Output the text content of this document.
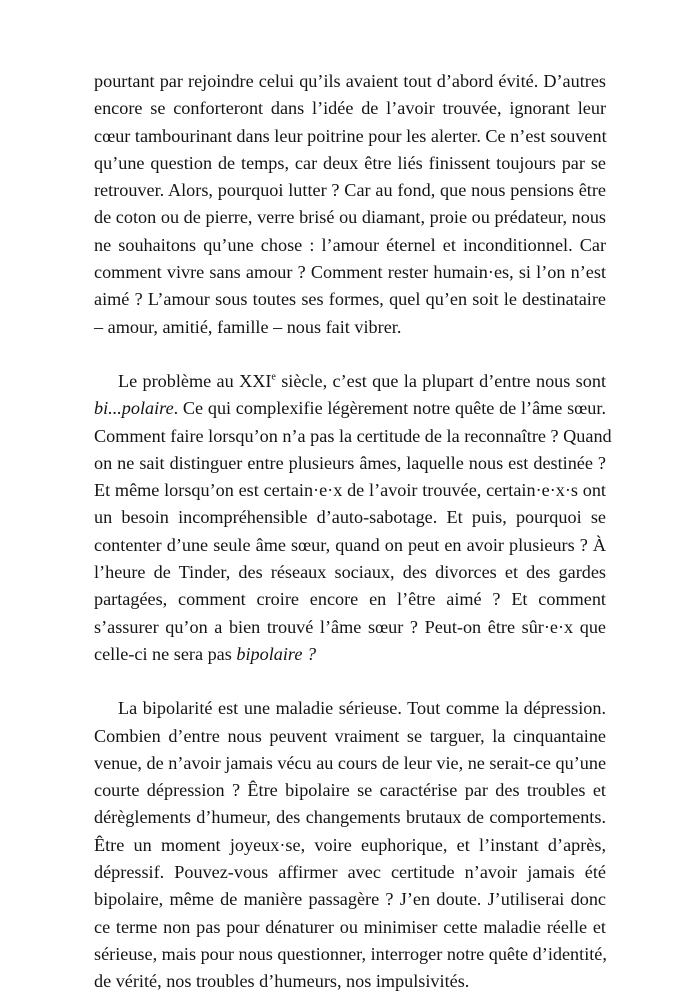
pourtant par rejoindre celui qu’ils avaient tout d’abord évité. D’autres
encore se conforteront dans l’idée de l’avoir trouvée, ignorant leur
cœur tambourinant dans leur poitrine pour les alerter. Ce n’est souvent
qu’une question de temps, car deux être liés finissent toujours par se
retrouver. Alors, pourquoi lutter ? Car au fond, que nous pensions être
de coton ou de pierre, verre brisé ou diamant, proie ou prédateur, nous
ne souhaitons qu’une chose : l’amour éternel et inconditionnel. Car
comment vivre sans amour ? Comment rester humain·es, si l’on n’est
aimé ? L’amour sous toutes ses formes, quel qu’en soit le destinataire
– amour, amitié, famille – nous fait vibrer.
Le problème au XXIe siècle, c’est que la plupart d’entre nous sont
bi...polaire. Ce qui complexifie légèrement notre quête de l’âme sœur.
Comment faire lorsqu’on n’a pas la certitude de la reconnaître ? Quand
on ne sait distinguer entre plusieurs âmes, laquelle nous est destinée ?
Et même lorsqu’on est certain·e·x de l’avoir trouvée, certain·e·x·s ont
un besoin incompréhensible d’auto-sabotage. Et puis, pourquoi se
contenter d’une seule âme sœur, quand on peut en avoir plusieurs ? À
l’heure de Tinder, des réseaux sociaux, des divorces et des gardes
partagées, comment croire encore en l’être aimé ? Et comment
s’assurer qu’on a bien trouvé l’âme sœur ? Peut-on être sûr·e·x que
celle-ci ne sera pas bipolaire ?
La bipolarité est une maladie sérieuse. Tout comme la dépression.
Combien d’entre nous peuvent vraiment se targuer, la cinquantaine
venue, de n’avoir jamais vécu au cours de leur vie, ne serait-ce qu’une
courte dépression ? Être bipolaire se caractérise par des troubles et
dérèglements d’humeur, des changements brutaux de comportements.
Être un moment joyeux·se, voire euphorique, et l’instant d’après,
dépressif. Pouvez-vous affirmer avec certitude n’avoir jamais été
bipolaire, même de manière passagère ? J’en doute. J’utiliserai donc
ce terme non pas pour dénaturer ou minimiser cette maladie réelle et
sérieuse, mais pour nous questionner, interroger notre quête d’identité,
de vérité, nos troubles d’humeurs, nos impulsivités.
